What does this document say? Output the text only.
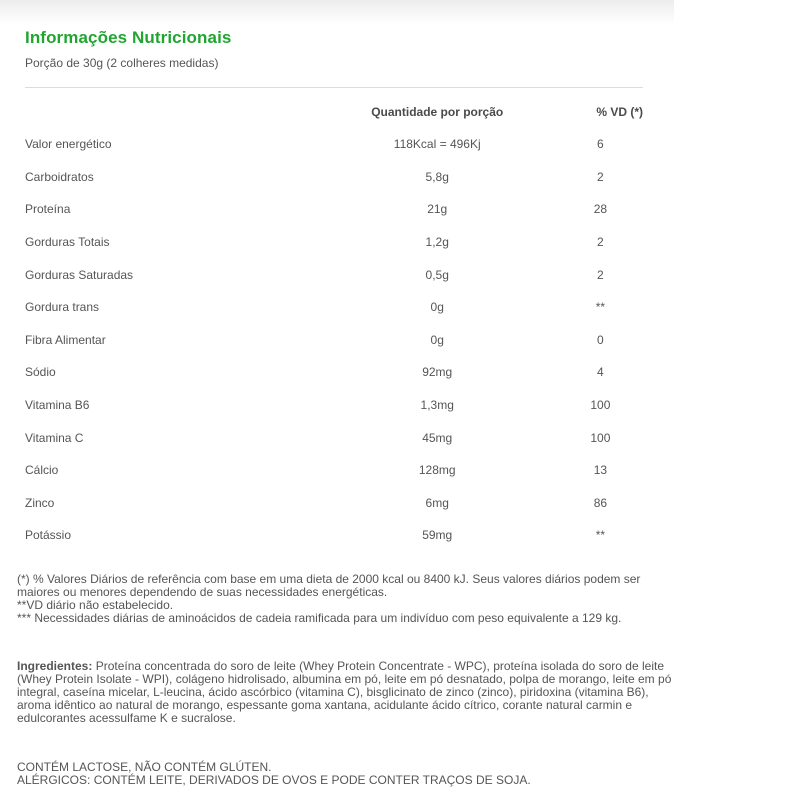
Informações Nutricionais
Porção de 30g (2 colheres medidas)
	Quantidade por porção	% VD (*)
Valor energético	118Kcal = 496Kj	6
Carboidratos	5,8g	2
Proteína	21g	28
Gorduras Totais	1,2g	2
Gorduras Saturadas	0,5g	2
Gordura trans	0g	**
Fibra Alimentar	0g	0
Sódio	92mg	4
Vitamina B6	1,3mg	100
Vitamina C	45mg	100
Cálcio	128mg	13
Zinco	6mg	86
Potássio	59mg	**

(*) % Valores Diários de referência com base em uma dieta de 2000 kcal ou 8400 kJ. Seus valores diários podem ser maiores ou menores dependendo de suas necessidades energéticas.

**VD diário não estabelecido.

*** Necessidades diárias de aminoácidos de cadeia ramificada para um indivíduo com peso equivalente a 129 kg.

Ingredientes: Proteína concentrada do soro de leite (Whey Protein Concentrate - WPC), proteína isolada do soro de leite (Whey Protein Isolate - WPI), colágeno hidrolisado, albumina em pó, leite em pó desnatado, polpa de morango, leite em pó integral, caseína micelar, L-leucina, ácido ascórbico (vitamina C), bisglicinato de zinco (zinco), piridoxina (vitamina B6), aroma idêntico ao natural de morango, espessante goma xantana, acidulante ácido cítrico, corante natural carmin e edulcorantes acessulfame K e sucralose.

CONTÉM LACTOSE, NÃO CONTÉM GLÚTEN.

ALÉRGICOS: CONTÉM LEITE, DERIVADOS DE OVOS E PODE CONTER TRAÇOS DE SOJA.
